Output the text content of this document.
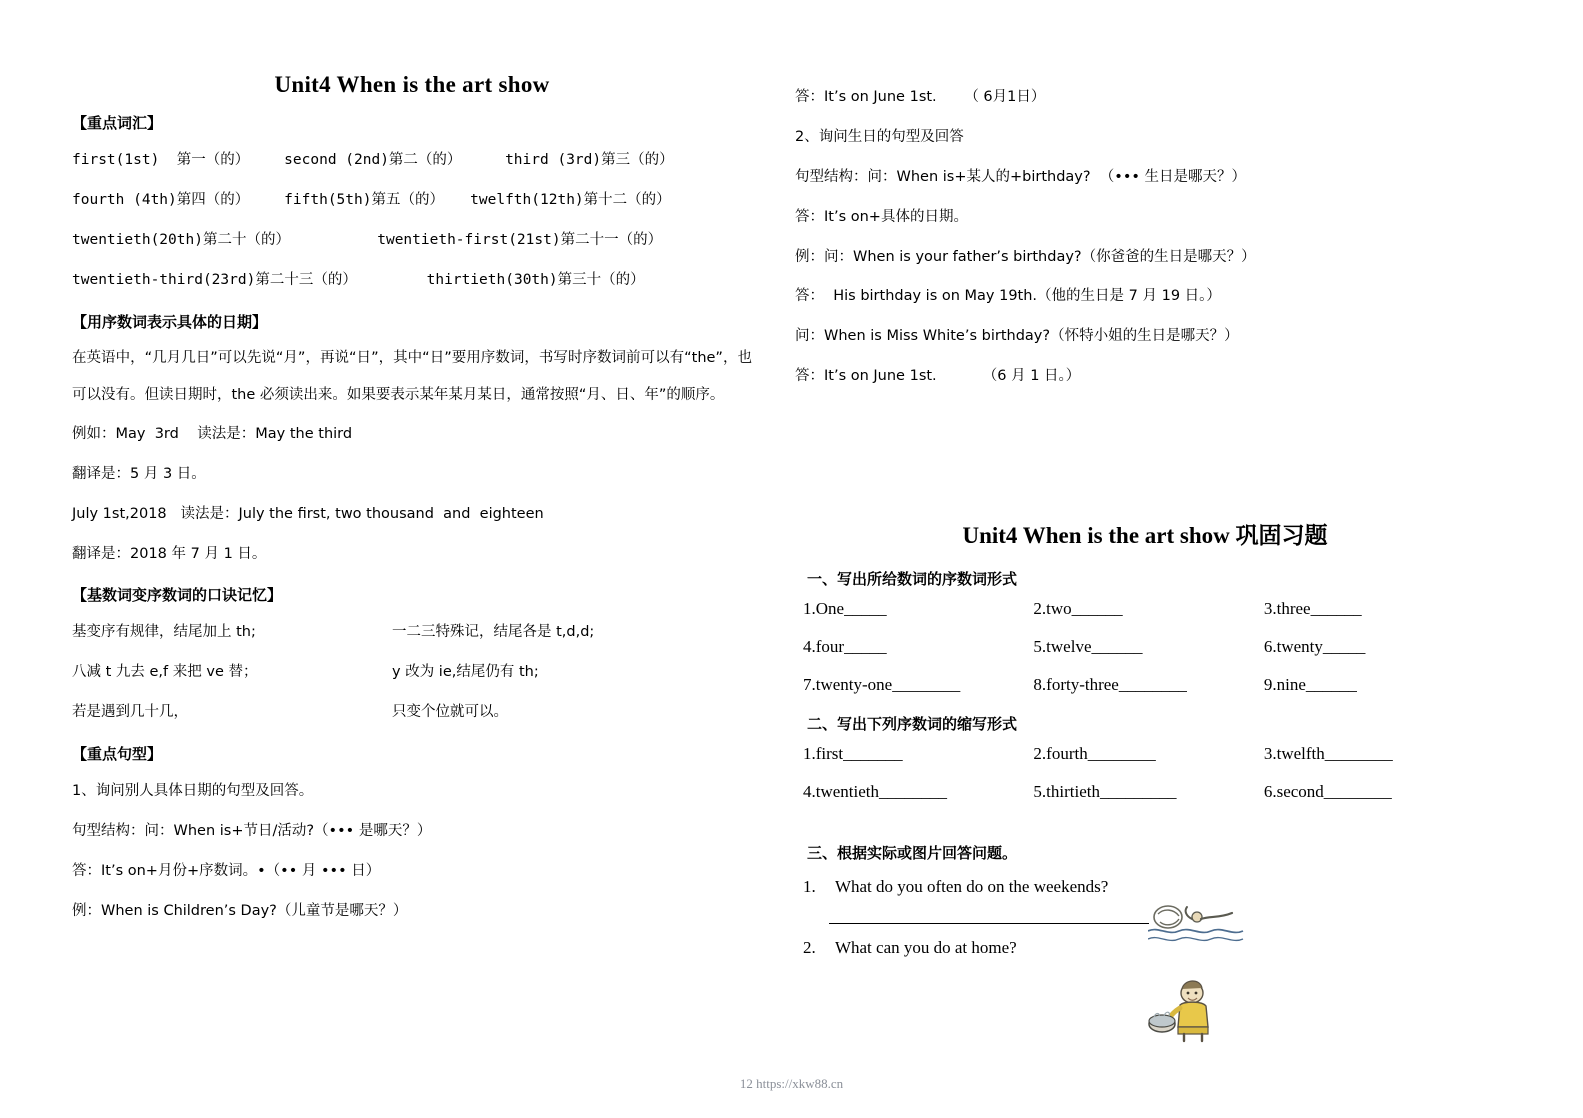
Unit4 When is the art show
【重点词汇】
first(1st)  第一（的）    second (2nd)第二（的）     third (3rd)第三（的）
fourth (4th)第四（的）    fifth(5th)第五（的）   twelfth(12th)第十二（的）
twentieth(20th)第二十（的）          twentieth-first(21st)第二十一（的）
twentieth-third(23rd)第二十三（的）        thirtieth(30th)第三十（的）
【用序数词表示具体的日期】
在英语中，“几月几日”可以先说“月”，再说“日”，其中“日”要用序数词，书写时序数词前可以有“the”，也可以没有。但读日期时，the 必须读出来。如果要表示某年某月某日，通常按照“月、日、年”的顺序。
例如：May  3rd    读法是：May the third
翻译是：5 月 3 日。
July 1st,2018   读法是：July the first, two thousand  and  eighteen
翻译是：2018 年 7 月 1 日。
【基数词变序数词的口诀记忆】
基变序有规律，结尾加上 th;	一二三特殊记，结尾各是 t,d,d;
八减 t 九去 e,f 来把 ve 替；	y 改为 ie,结尾仍有 th;
若是遇到几十几，	只变个位就可以。
【重点句型】
1、询问别人具体日期的句型及回答。
句型结构：问：When is+节日/活动?（••• 是哪天？）
答：It’s on+月份+序数词。•（•• 月 ••• 日）
例：When is Children’s Day?（儿童节是哪天？）
答：It’s on June 1st.      （ 6月1日）
2、询问生日的句型及回答
句型结构：问：When is+某人的+birthday?  （••• 生日是哪天？）
答：It’s on+具体的日期。
例：问：When is your father’s birthday?（你爸爸的生日是哪天？）
答：  His birthday is on May 19th.（他的生日是 7 月 19 日。）
问：When is Miss White’s birthday?（怀特小姐的生日是哪天？）
答：It’s on June 1st.          （6 月 1 日。）
Unit4 When is the art show 巩固习题
一、写出所给数词的序数词形式
1.One_____	2.two______	3.three______
4.four_____	5.twelve______	6.twenty_____
7.twenty-one________	8.forty-three________	9.nine______
二、写出下列序数词的缩写形式
1.first_______	2.fourth________	3.twelfth________
4.twentieth________	5.thirtieth_________	6.second________
三、根据实际或图片回答问题。
1. What do you often do on the weekends?
2. What can you do at home?
12 https://xkw88.cn
